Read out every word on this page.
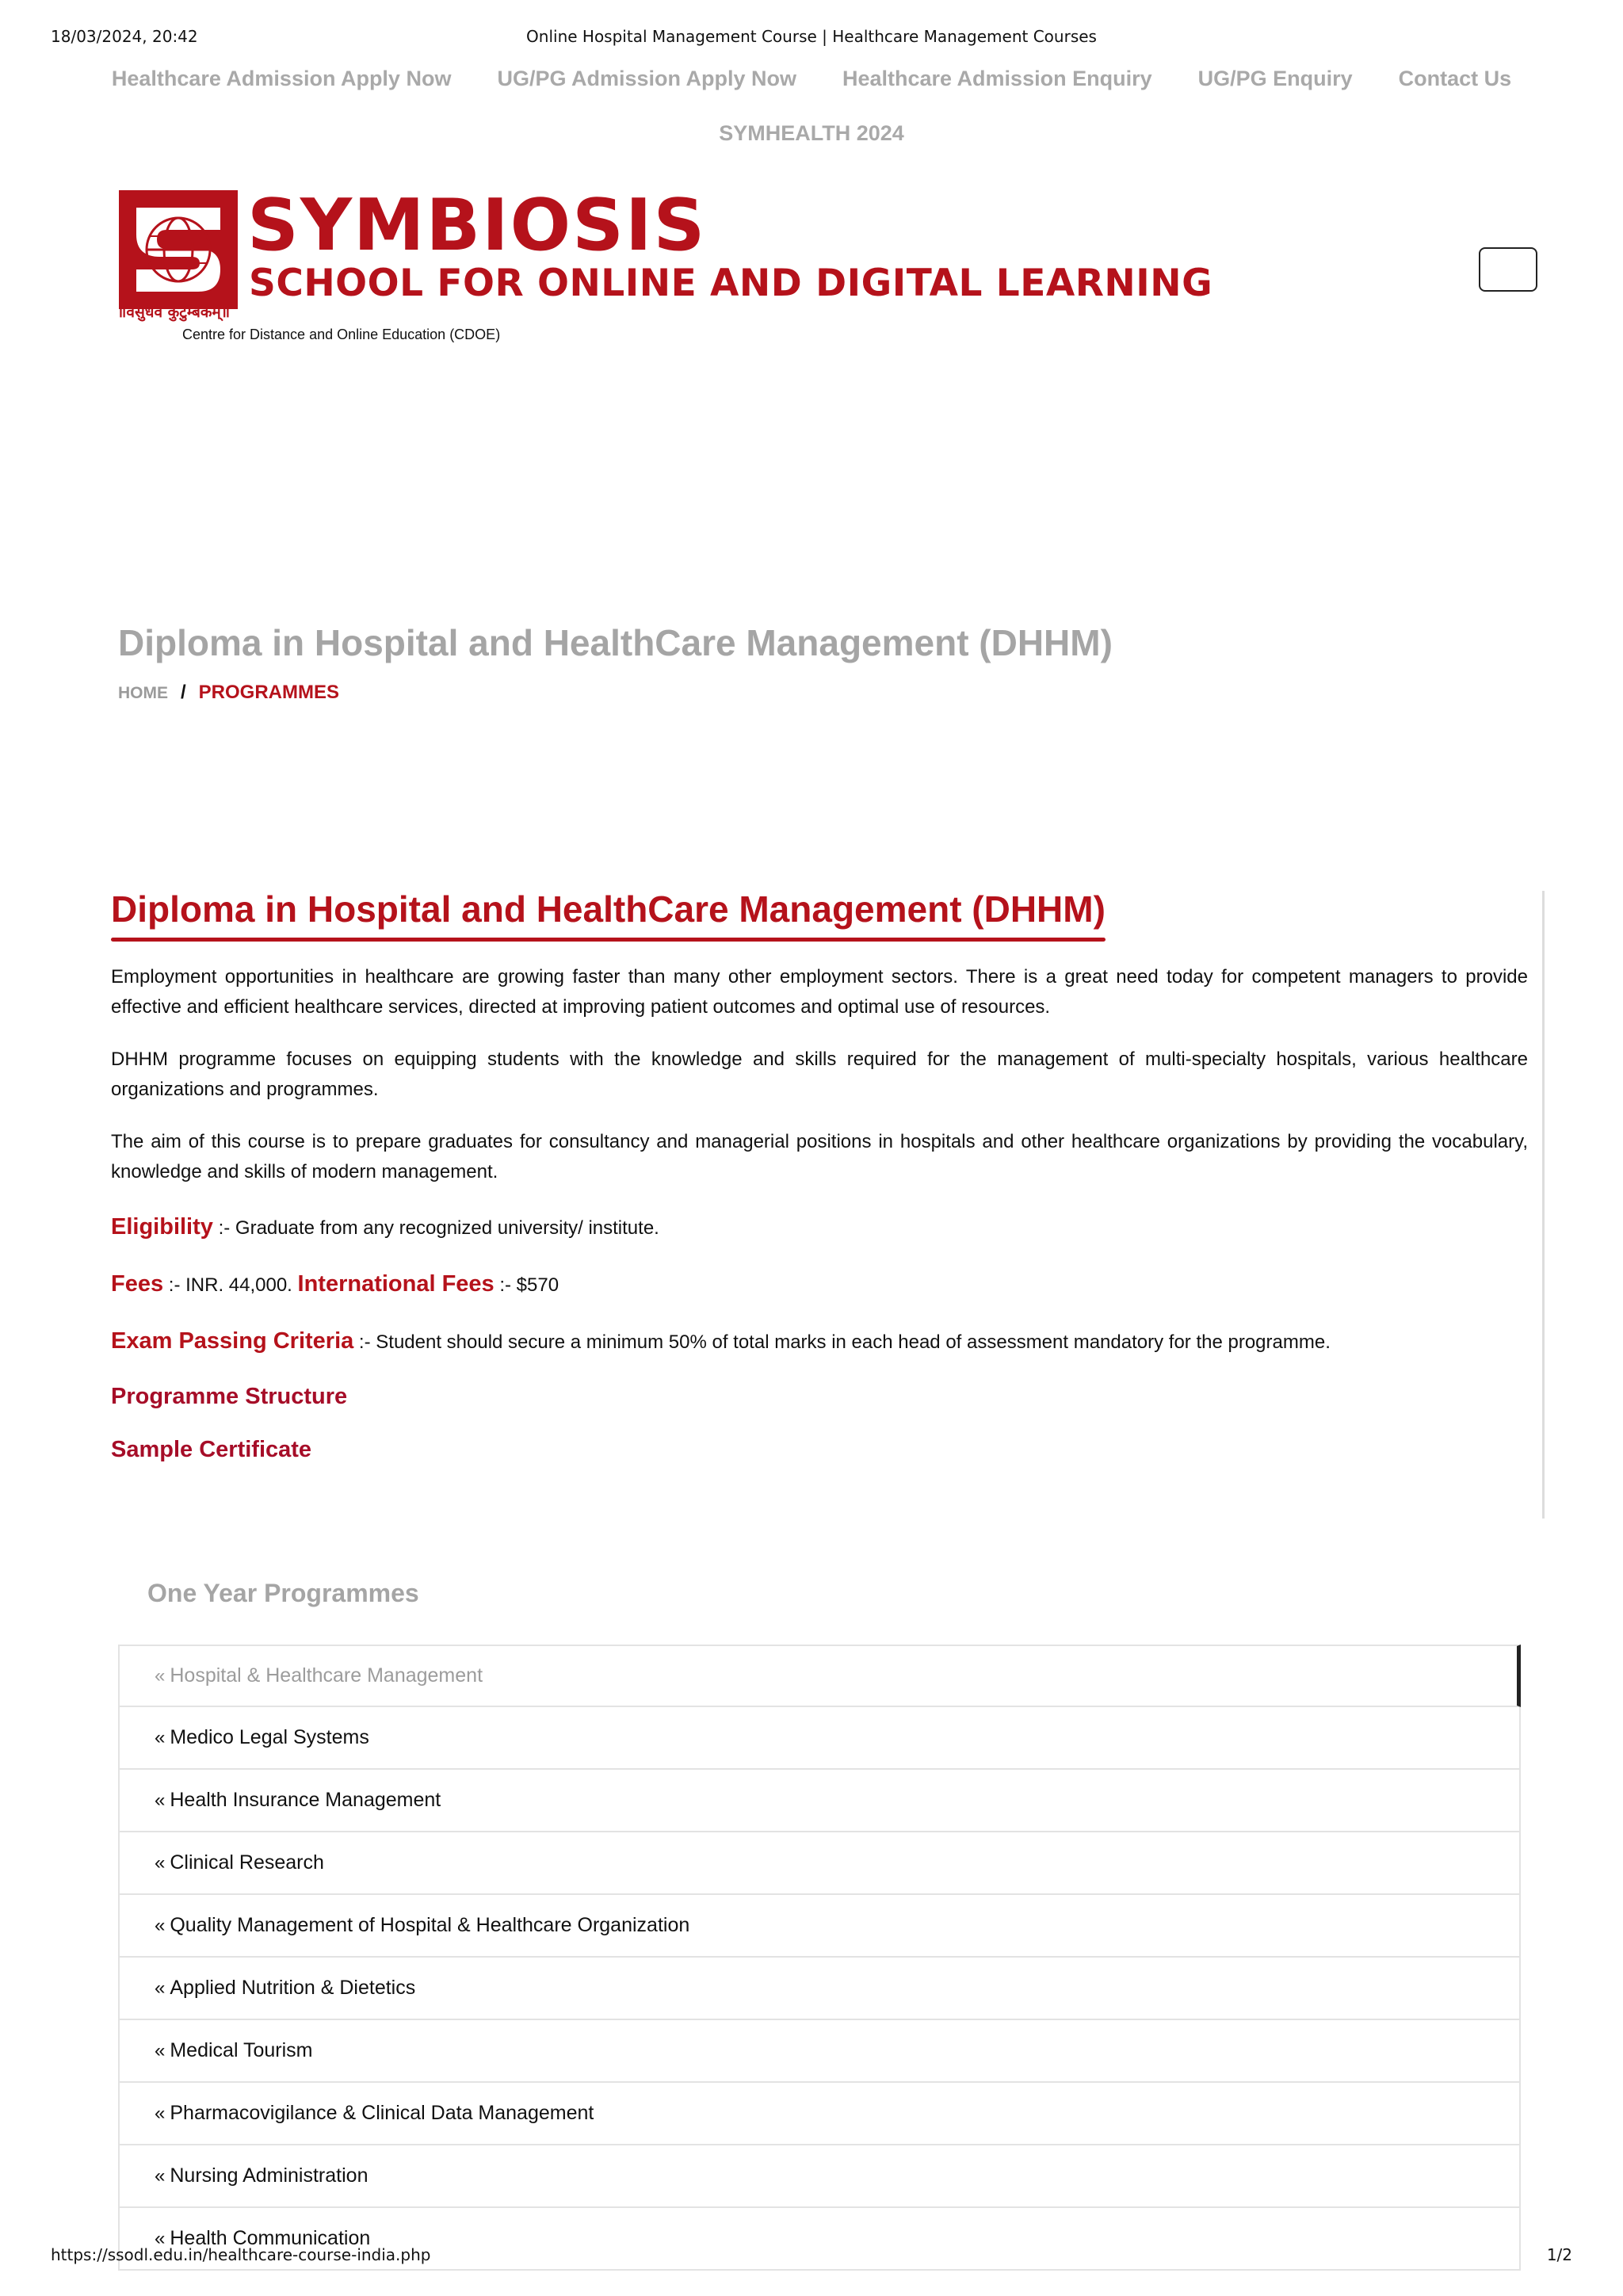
18/03/2024, 20:42	Online Hospital Management Course | Healthcare Management Courses
Healthcare Admission Apply Now UG/PG Admission Apply Now Healthcare Admission Enquiry UG/PG Enquiry Contact Us
SYMHEALTH 2024
॥वसुधैव कुटुम्बकम्॥
SYMBIOSIS
SCHOOL FOR ONLINE AND DIGITAL LEARNING
Centre for Distance and Online Education (CDOE)
Diploma in Hospital and HealthCare Management (DHHM)
HOME / PROGRAMMES
Diploma in Hospital and HealthCare Management (DHHM)

Employment opportunities in healthcare are growing faster than many other employment sectors. There is a great need today for competent managers to provide effective and efficient healthcare services, directed at improving patient outcomes and optimal use of resources.

DHHM programme focuses on equipping students with the knowledge and skills required for the management of multi-specialty hospitals, various healthcare organizations and programmes.

The aim of this course is to prepare graduates for consultancy and managerial positions in hospitals and other healthcare organizations by providing the vocabulary, knowledge and skills of modern management.

Eligibility :- Graduate from any recognized university/ institute.
Fees :- INR. 44,000. International Fees :- $570
Exam Passing Criteria :- Student should secure a minimum 50% of total marks in each head of assessment mandatory for the programme.
Programme Structure
Sample Certificate
One Year Programmes
« Hospital & Healthcare Management
« Medico Legal Systems
« Health Insurance Management
« Clinical Research
« Quality Management of Hospital & Healthcare Organization
« Applied Nutrition & Dietetics
« Medical Tourism
« Pharmacovigilance & Clinical Data Management
« Nursing Administration
« Health Communication
https://ssodl.edu.in/healthcare-course-india.php	1/2
